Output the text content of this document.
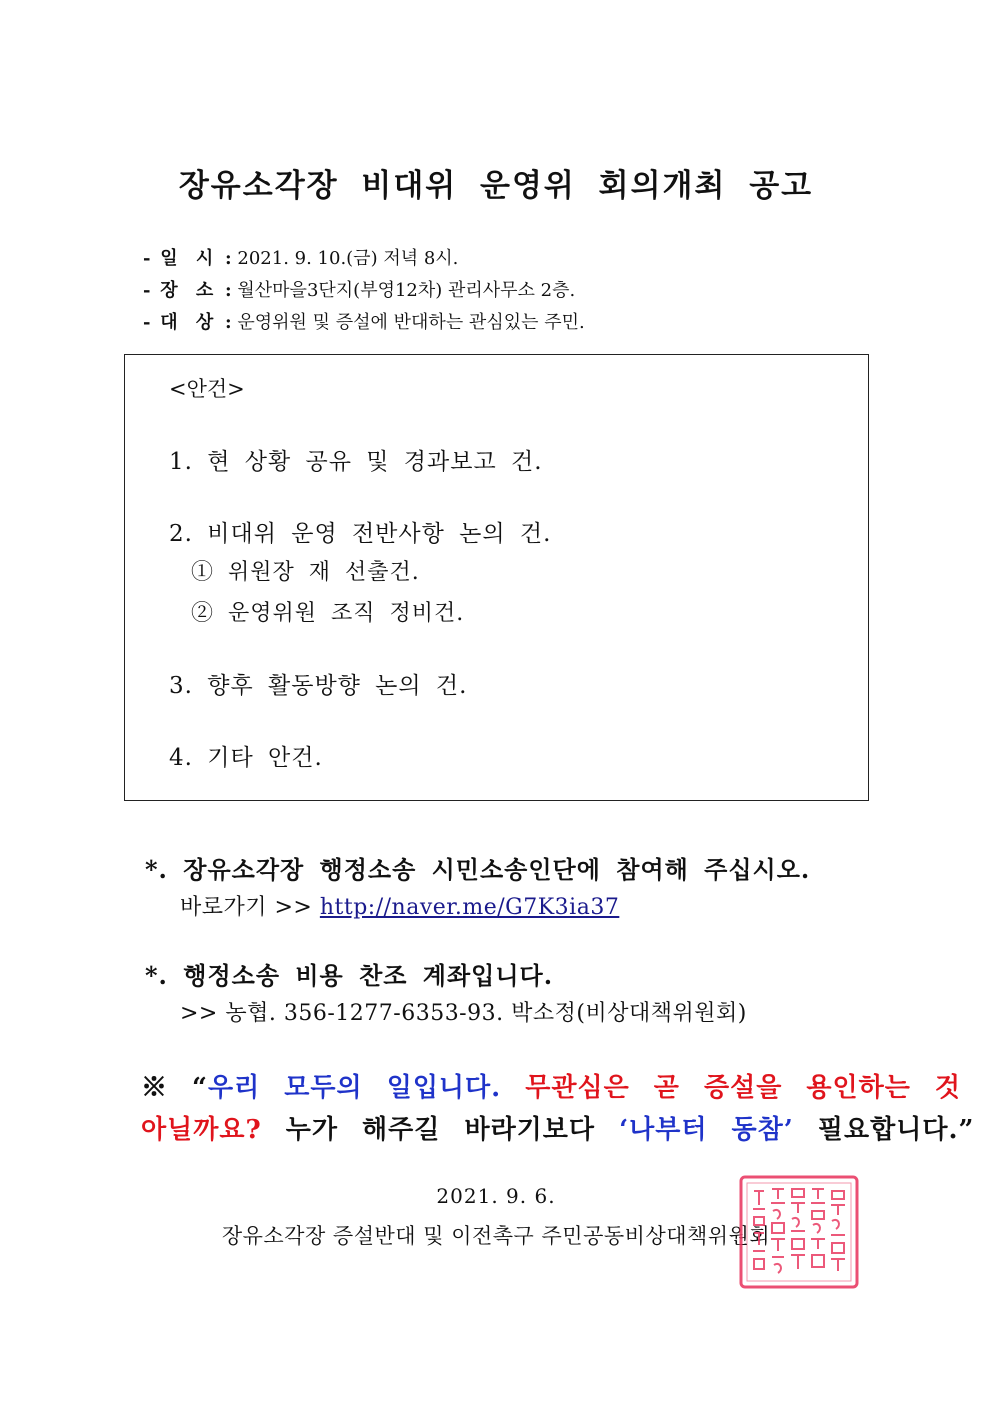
장유소각장 비대위 운영위 회의개최 공고
- 일 시 : 2021. 9. 10.(금) 저녁 8시.
- 장 소 : 월산마을3단지(부영12차) 관리사무소 2층.
- 대 상 : 운영위원 및 증설에 반대하는 관심있는 주민.
<안건>
1. 현 상황 공유 및 경과보고 건.
2. 비대위 운영 전반사항 논의 건.
① 위원장 재 선출건.
② 운영위원 조직 정비건.
3. 향후 활동방향 논의 건.
4. 기타 안건.
*. 장유소각장 행정소송 시민소송인단에 참여해 주십시오.
바로가기 >> http://naver.me/G7K3ia37
*. 행정소송 비용 찬조 계좌입니다.
>> 농협. 356-1277-6353-93. 박소정(비상대책위원회)
※ “우리 모두의 일입니다. 무관심은 곧 증설을 용인하는 것
아닐까요? 누가 해주길 바라기보다 ‘나부터 동참’ 필요합니다.”
2021. 9. 6.
장유소각장 증설반대 및 이전촉구 주민공동비상대책위원회
